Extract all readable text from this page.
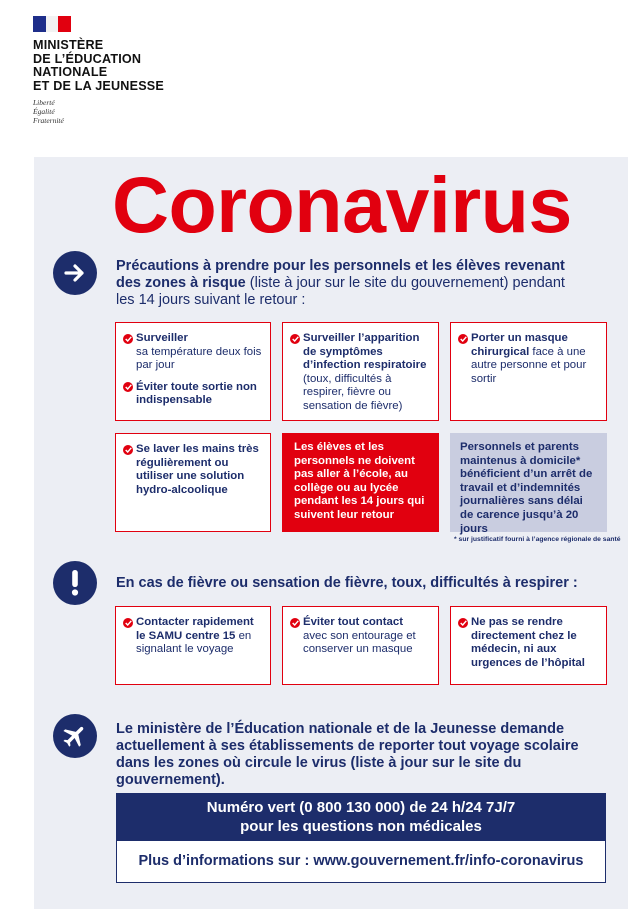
MINISTÈRE
DE L’ÉDUCATION
NATIONALE
ET DE LA JEUNESSE
Liberté
Égalité
Fraternité
Coronavirus
Précautions à prendre pour les personnels et les élèves revenant des zones à risque (liste à jour sur le site du gouvernement) pendant les 14 jours suivant le retour :
Surveiller
sa température deux fois par jour
Éviter toute sortie non indispensable
Surveiller l’apparition de symptômes d’infection respiratoire (toux, difficultés à respirer, fièvre ou sensation de fièvre)
Porter un masque chirurgical face à une autre personne et pour sortir
Se laver les mains très régulièrement ou utiliser une solution hydro-alcoolique
Les élèves et les personnels ne doivent pas aller à l’école, au collège ou au lycée pendant les 14 jours qui suivent leur retour
Personnels et parents maintenus à domicile* bénéficient d’un arrêt de travail et d’indemnités journalières sans délai de carence jusqu’à 20 jours
* sur justificatif fourni à l’agence régionale de santé
En cas de fièvre ou sensation de fièvre, toux, difficultés à respirer :
Contacter rapidement le SAMU centre 15 en signalant le voyage
Éviter tout contact
avec son entourage et conserver un masque
Ne pas se rendre directement chez le médecin, ni aux urgences de l’hôpital
Le ministère de l’Éducation nationale et de la Jeunesse demande actuellement à ses établissements de reporter tout voyage scolaire dans les zones où circule le virus (liste à jour sur le site du gouvernement).
Numéro vert (0 800 130 000) de 24 h/24 7J/7
pour les questions non médicales
Plus d’informations sur : www.gouvernement.fr/info-coronavirus
